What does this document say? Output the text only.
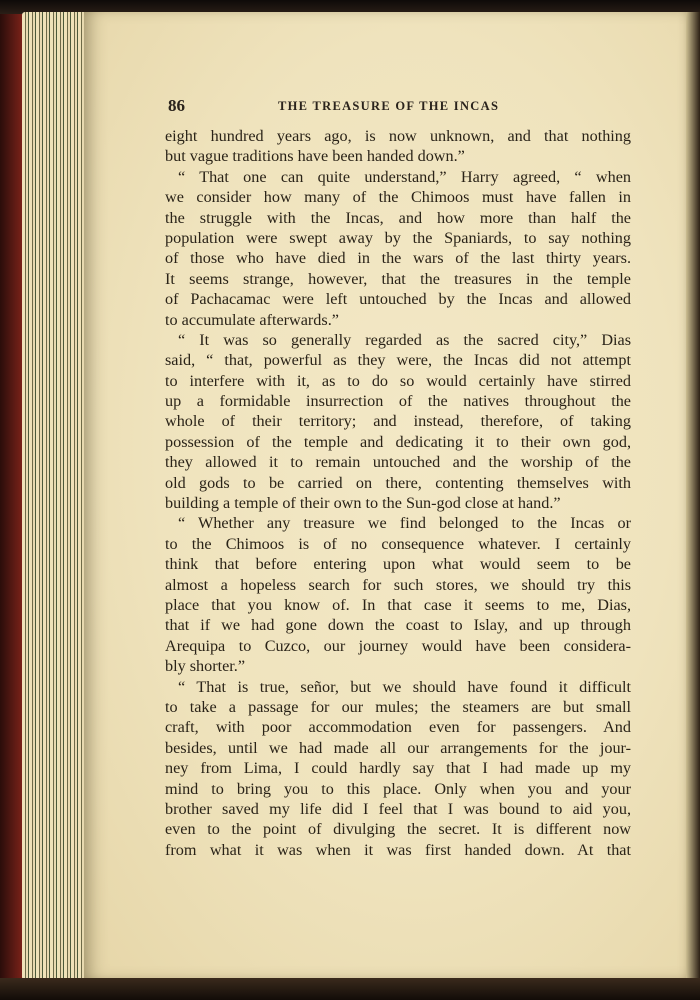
86	THE TREASURE OF THE INCAS
eight hundred years ago, is now unknown, and that nothing
but vague traditions have been handed down.”
“ That one can quite understand,” Harry agreed, “ when
we consider how many of the Chimoos must have fallen in
the struggle with the Incas, and how more than half the
population were swept away by the Spaniards, to say nothing
of those who have died in the wars of the last thirty years.
It seems strange, however, that the treasures in the temple
of Pachacamac were left untouched by the Incas and allowed
to accumulate afterwards.”
“ It was so generally regarded as the sacred city,” Dias
said, “ that, powerful as they were, the Incas did not attempt
to interfere with it, as to do so would certainly have stirred
up a formidable insurrection of the natives throughout the
whole of their territory; and instead, therefore, of taking
possession of the temple and dedicating it to their own god,
they allowed it to remain untouched and the worship of the
old gods to be carried on there, contenting themselves with
building a temple of their own to the Sun-god close at hand.”
“ Whether any treasure we find belonged to the Incas or
to the Chimoos is of no consequence whatever. I certainly
think that before entering upon what would seem to be
almost a hopeless search for such stores, we should try this
place that you know of. In that case it seems to me, Dias,
that if we had gone down the coast to Islay, and up through
Arequipa to Cuzco, our journey would have been considera-
bly shorter.”
“ That is true, señor, but we should have found it difficult
to take a passage for our mules; the steamers are but small
craft, with poor accommodation even for passengers. And
besides, until we had made all our arrangements for the jour-
ney from Lima, I could hardly say that I had made up my
mind to bring you to this place. Only when you and your
brother saved my life did I feel that I was bound to aid you,
even to the point of divulging the secret. It is different now
from what it was when it was first handed down. At that
